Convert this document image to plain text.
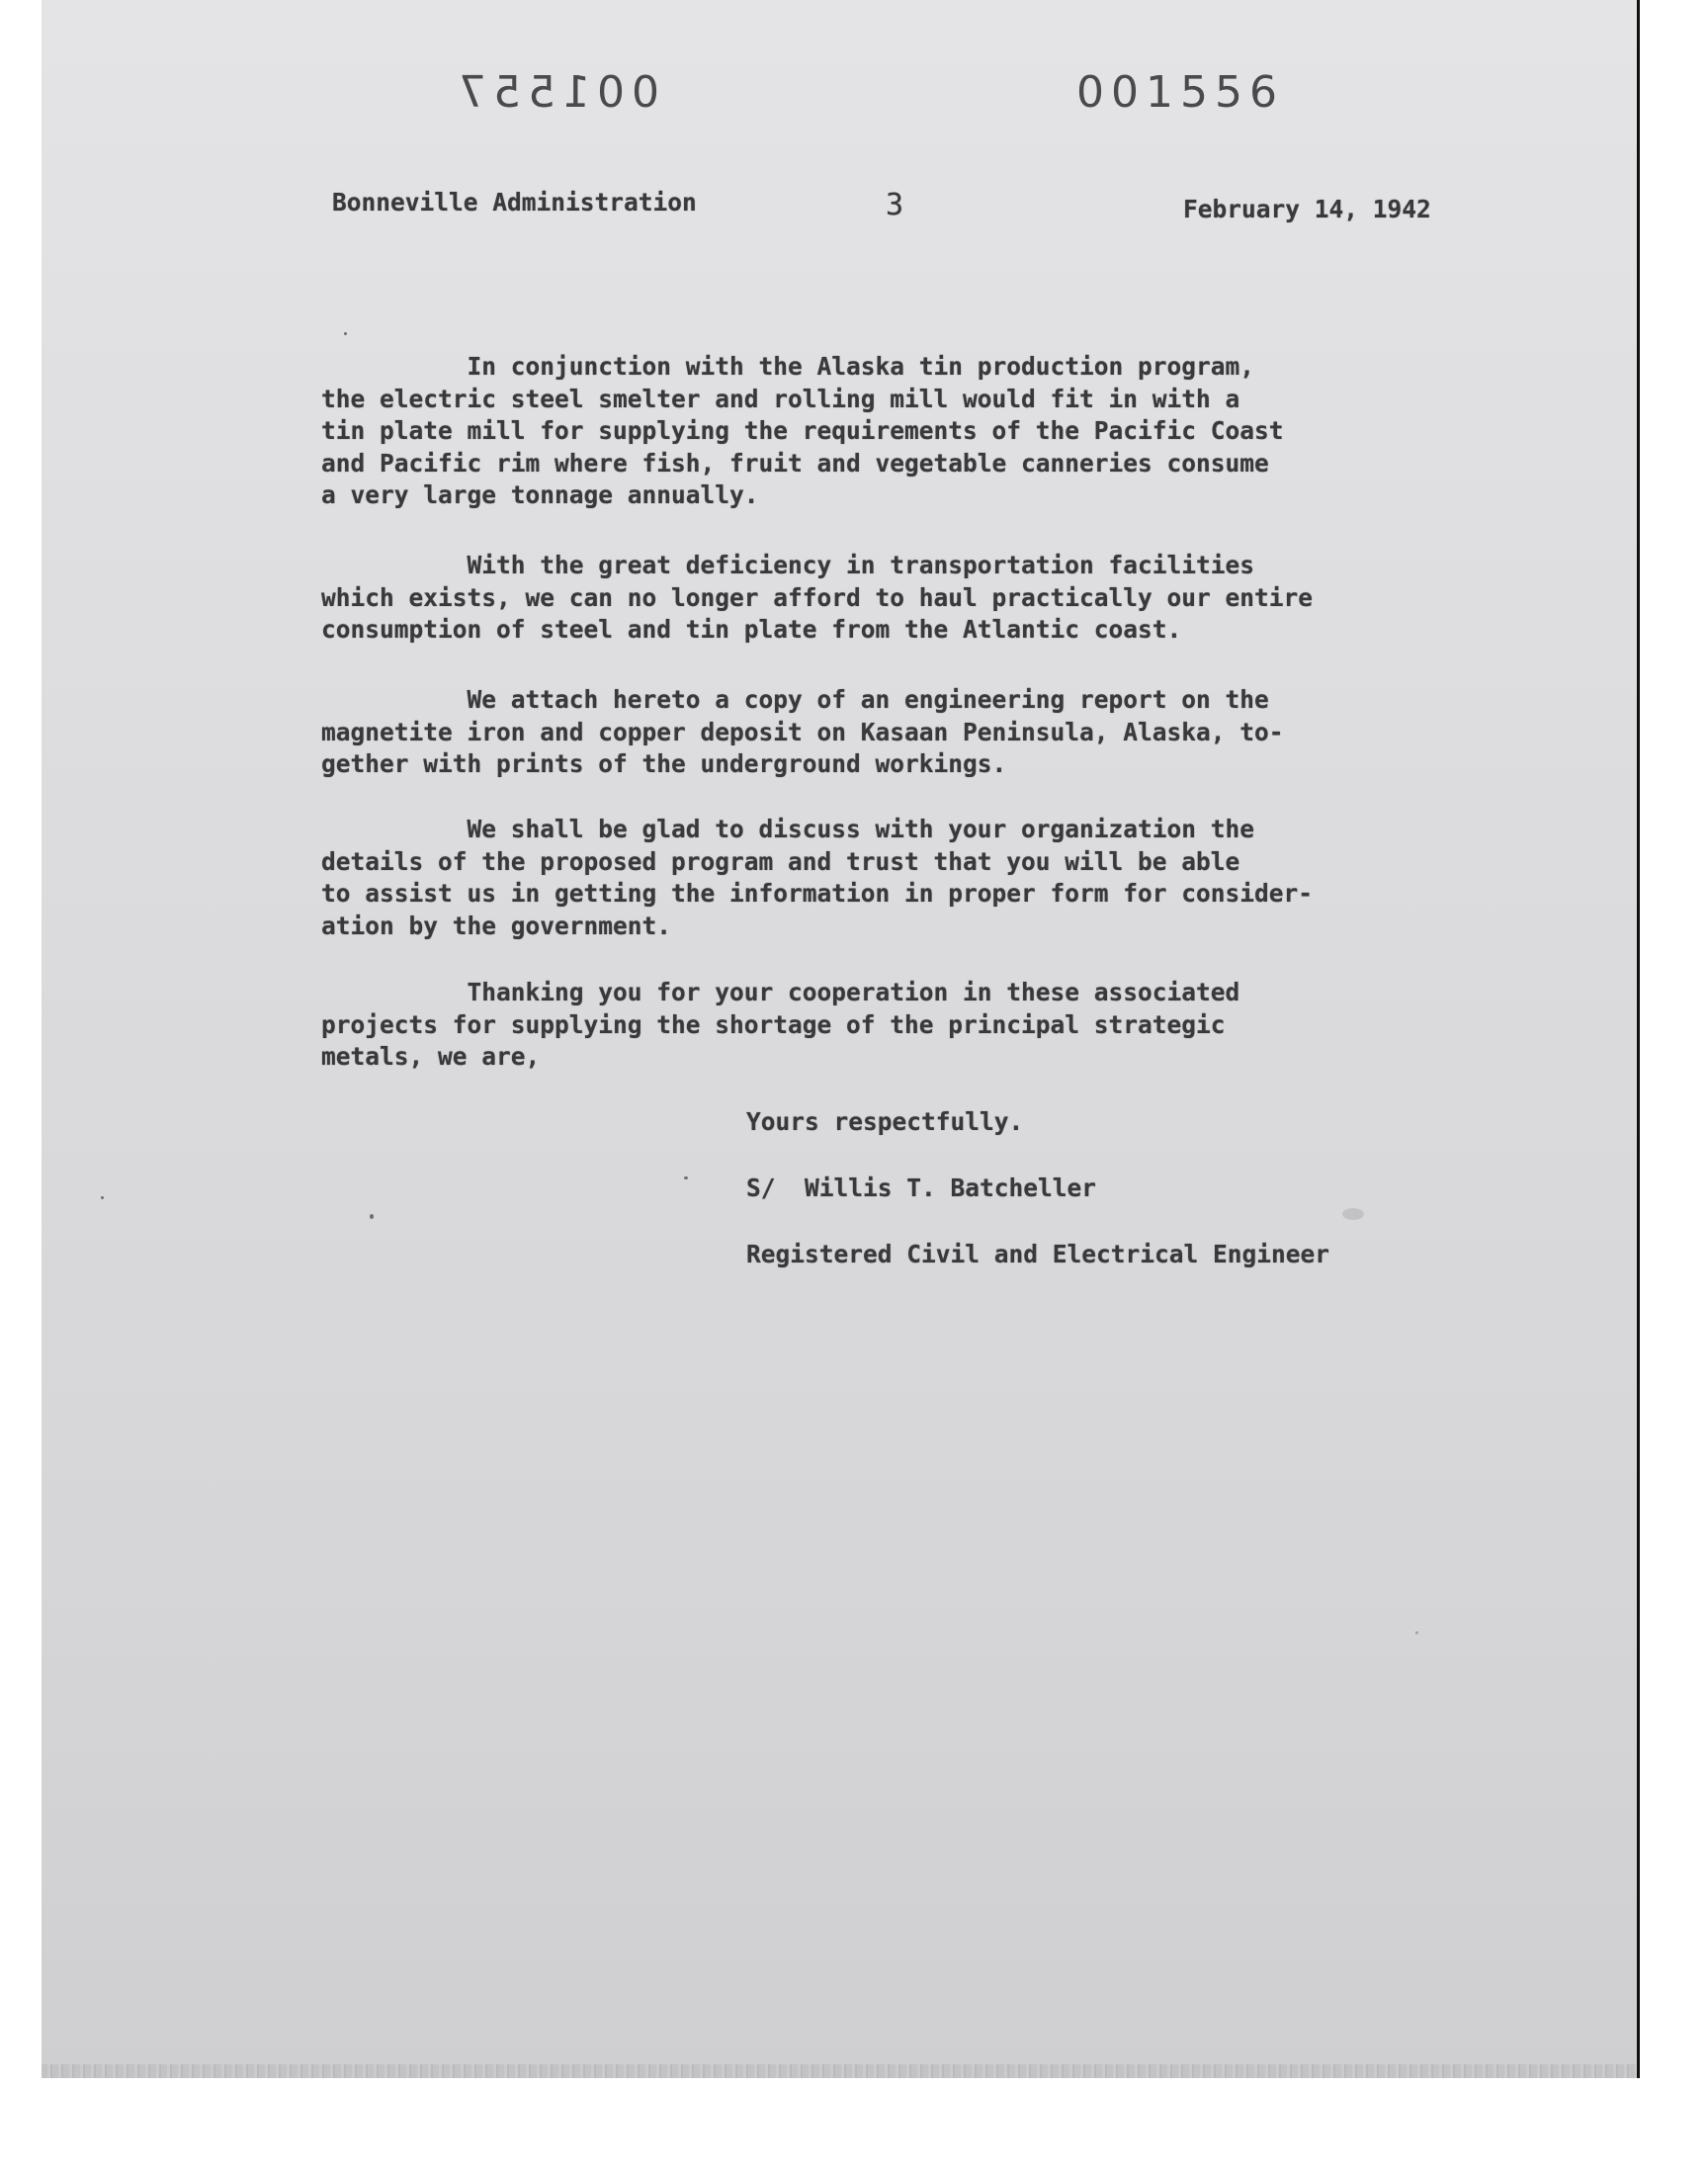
001557	001556
Bonneville Administration	3	February 14, 1942
In conjunction with the Alaska tin production program,
the electric steel smelter and rolling mill would fit in with a
tin plate mill for supplying the requirements of the Pacific Coast
and Pacific rim where fish, fruit and vegetable canneries consume
a very large tonnage annually.
With the great deficiency in transportation facilities
which exists, we can no longer afford to haul practically our entire
consumption of steel and tin plate from the Atlantic coast.
We attach hereto a copy of an engineering report on the
magnetite iron and copper deposit on Kasaan Peninsula, Alaska, to-
gether with prints of the underground workings.
We shall be glad to discuss with your organization the
details of the proposed program and trust that you will be able
to assist us in getting the information in proper form for consider-
ation by the government.
Thanking you for your cooperation in these associated
projects for supplying the shortage of the principal strategic
metals, we are,
Yours respectfully.
S/  Willis T. Batcheller
Registered Civil and Electrical Engineer
